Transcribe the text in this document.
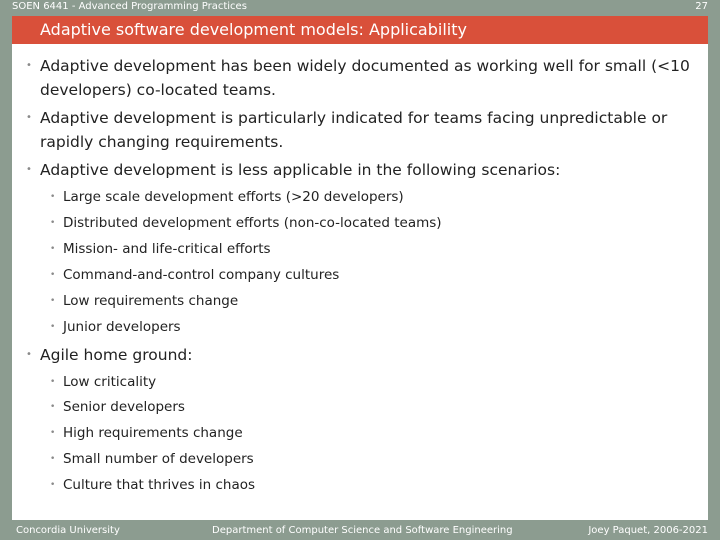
SOEN 6441 - Advanced Programming Practices	27
Adaptive software development models: Applicability
• Adaptive development has been widely documented as working well for small (<10 developers) co-located teams.
• Adaptive development is particularly indicated for teams facing unpredictable or rapidly changing requirements.
• Adaptive development is less applicable in the following scenarios:
• Large scale development efforts (>20 developers)
• Distributed development efforts (non-co-located teams)
• Mission- and life-critical efforts
• Command-and-control company cultures
• Low requirements change
• Junior developers
• Agile home ground:
• Low criticality
• Senior developers
• High requirements change
• Small number of developers
• Culture that thrives in chaos
Concordia University	Department of Computer Science and Software Engineering	Joey Paquet, 2006-2021
